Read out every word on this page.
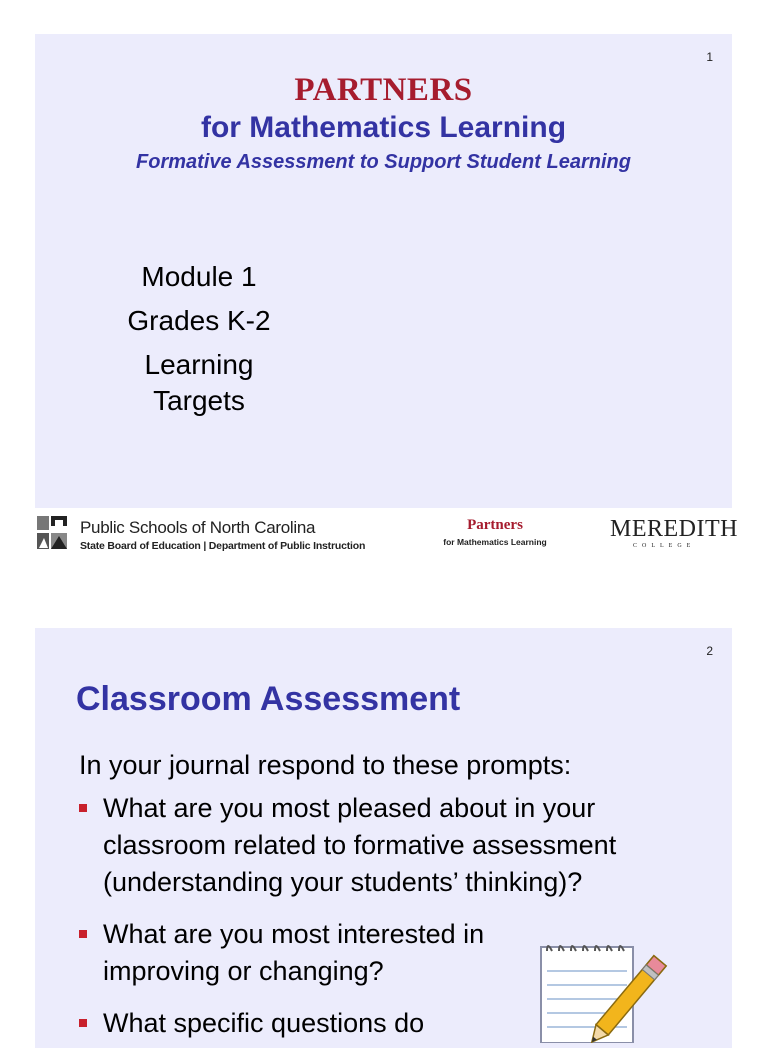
1
PARTNERS
for Mathematics Learning
Formative Assessment to Support Student Learning
Module 1
Grades K-2
Learning Targets
Public Schools of North Carolina
State Board of Education | Department of Public Instruction
Partners
for Mathematics Learning	MEREDITH
COLLEGE
2
Classroom Assessment
In your journal respond to these prompts:
What are you most pleased about in your classroom related to formative assessment (understanding your students’ thinking)?
What are you most interested in improving or changing?
What specific questions do
